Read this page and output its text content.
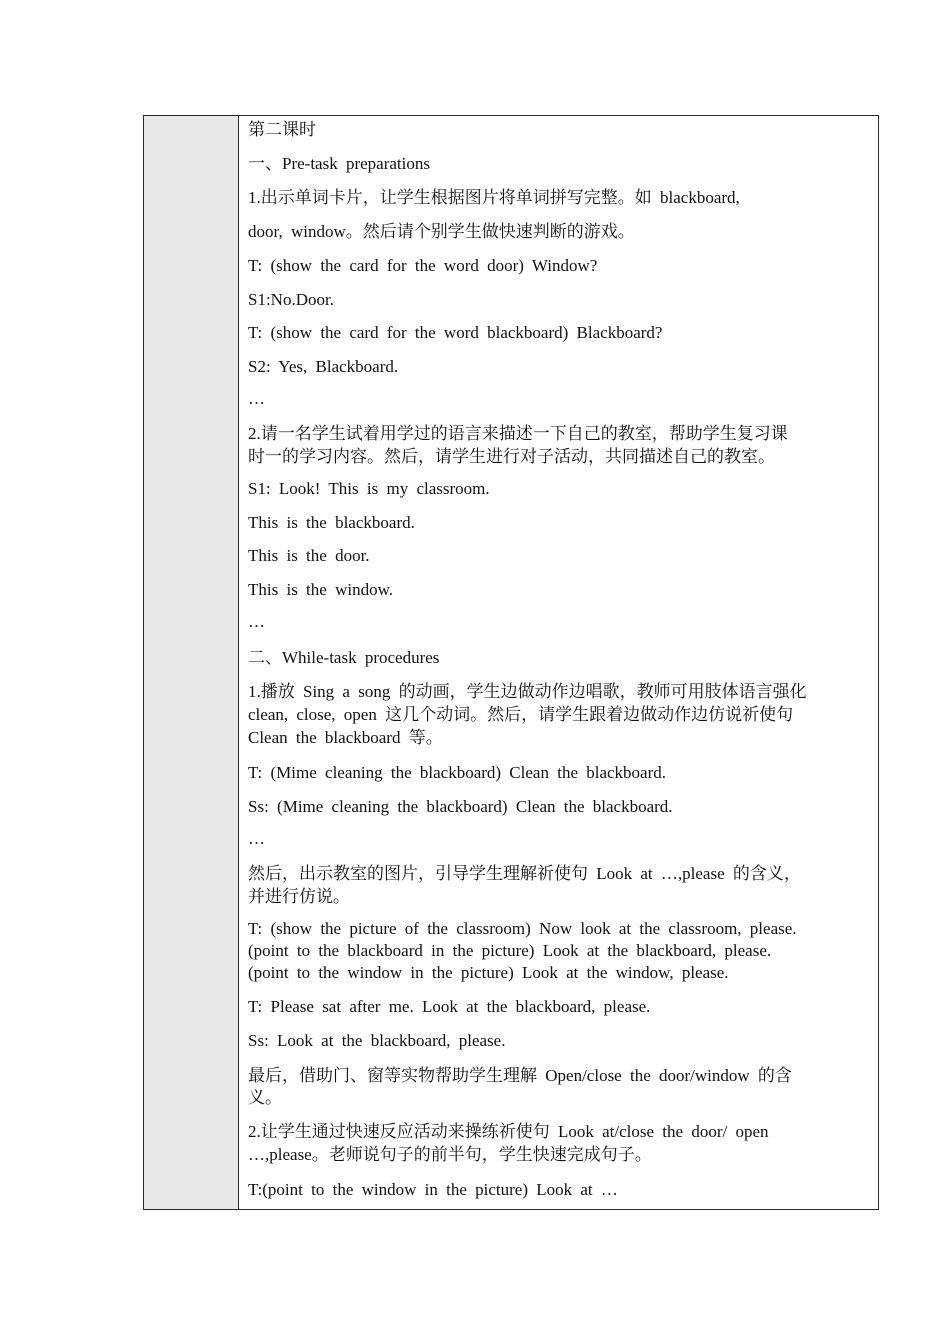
第二课时
一、Pre-task preparations
1.出示单词卡片，让学生根据图片将单词拼写完整。如 blackboard,
door, window。然后请个别学生做快速判断的游戏。
T: (show the card for the word door) Window?
S1:No.Door.
T: (show the card for the word blackboard) Blackboard?
S2: Yes, Blackboard.
…
2.请一名学生试着用学过的语言来描述一下自己的教室，帮助学生复习课
时一的学习内容。然后，请学生进行对子活动，共同描述自己的教室。
S1: Look! This is my classroom.
This is the blackboard.
This is the door.
This is the window.
…
二、While-task procedures
1.播放 Sing a song 的动画，学生边做动作边唱歌，教师可用肢体语言强化
clean, close, open 这几个动词。然后，请学生跟着边做动作边仿说祈使句
Clean the blackboard 等。
T: (Mime cleaning the blackboard) Clean the blackboard.
Ss: (Mime cleaning the blackboard) Clean the blackboard.
…
然后，出示教室的图片，引导学生理解祈使句 Look at …,please 的含义，
并进行仿说。
T: (show the picture of the classroom) Now look at the classroom, please.
(point to the blackboard in the picture) Look at the blackboard, please.
(point to the window in the picture) Look at the window, please.
T: Please sat after me. Look at the blackboard, please.
Ss: Look at the blackboard, please.
最后，借助门、窗等实物帮助学生理解 Open/close the door/window 的含
义。
2.让学生通过快速反应活动来操练祈使句 Look at/close the door/ open
…,please。老师说句子的前半句，学生快速完成句子。
T:(point to the window in the picture) Look at …
